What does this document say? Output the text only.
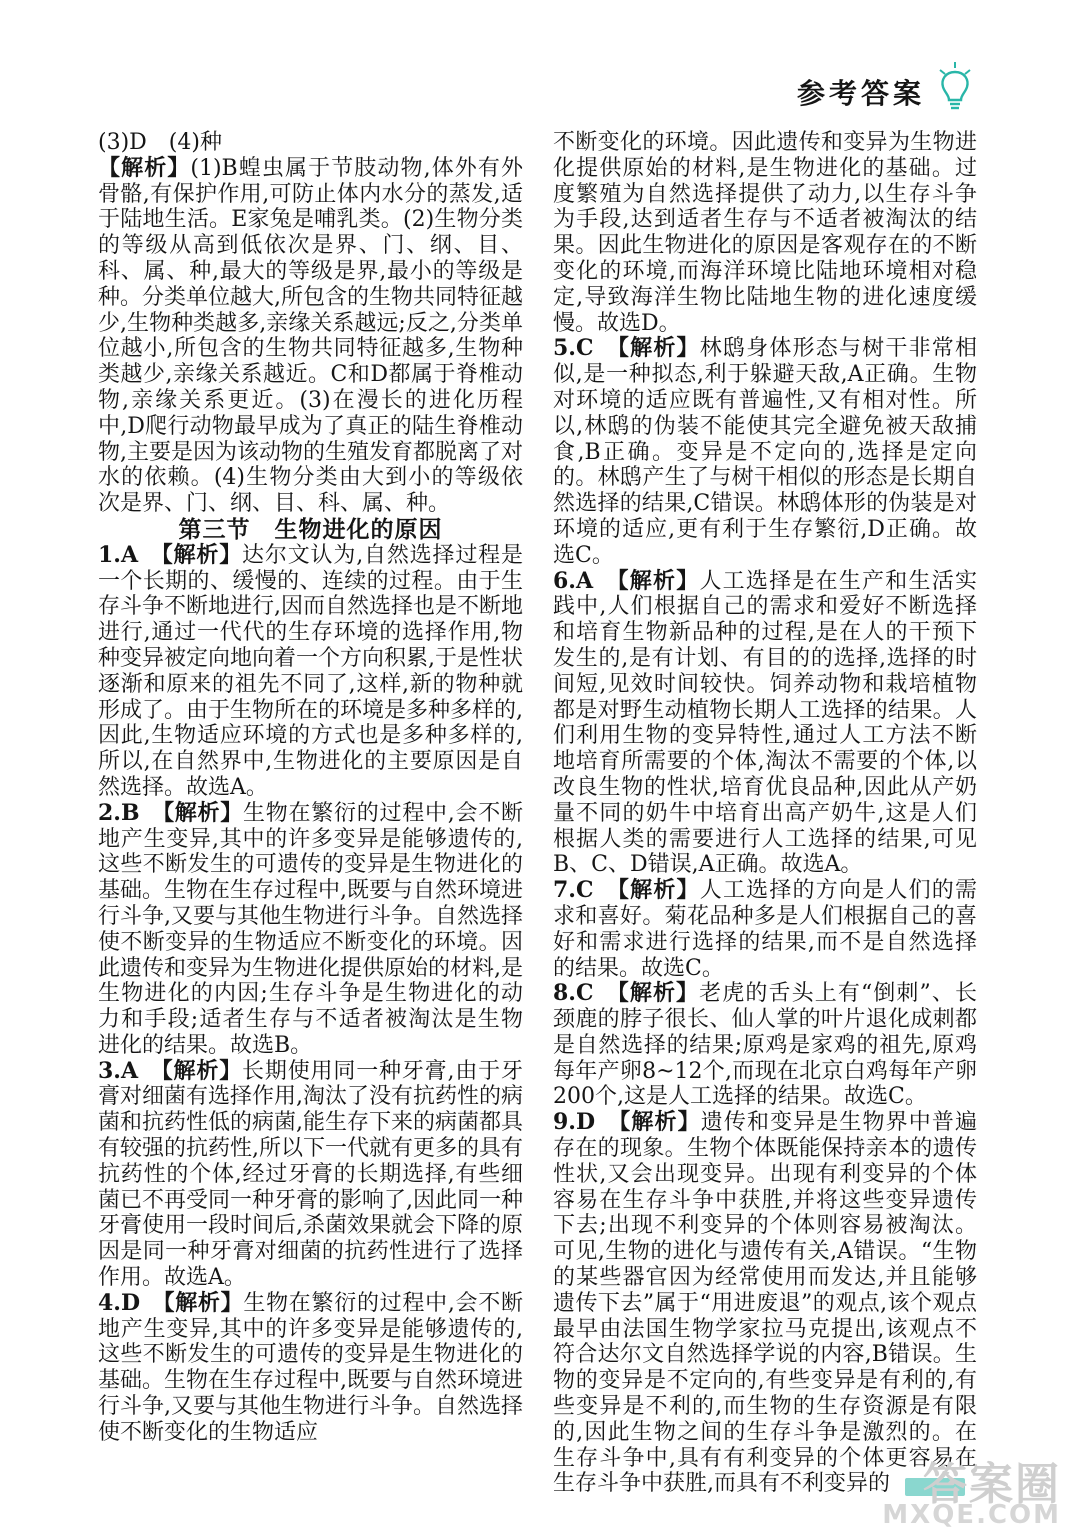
参考答案

(3)D　(4)种

【解析】(1)B蝗虫属于节肢动物,体外有外骨骼,有保护作用,可防止体内水分的蒸发,适于陆地生活。E家兔是哺乳类。(2)生物分类的等级从高到低依次是界、门、纲、目、科、属、种,最大的等级是界,最小的等级是种。分类单位越大,所包含的生物共同特征越少,生物种类越多,亲缘关系越远;反之,分类单位越小,所包含的生物共同特征越多,生物种类越少,亲缘关系越近。C和D都属于脊椎动物,亲缘关系更近。(3)在漫长的进化历程中,D爬行动物最早成为了真正的陆生脊椎动物,主要是因为该动物的生殖发育都脱离了对水的依赖。(4)生物分类由大到小的等级依次是界、门、纲、目、科、属、种。

第三节　生物进化的原因

1.A　 【解析】达尔文认为,自然选择过程是一个长期的、缓慢的、连续的过程。由于生存斗争不断地进行,因而自然选择也是不断地进行,通过一代代的生存环境的选择作用,物种变异被定向地向着一个方向积累,于是性状逐渐和原来的祖先不同了,这样,新的物种就形成了。由于生物所在的环境是多种多样的,因此,生物适应环境的方式也是多种多样的,所以,在自然界中,生物进化的主要原因是自然选择。故选A。

2.B　 【解析】生物在繁衍的过程中,会不断地产生变异,其中的许多变异是能够遗传的,这些不断发生的可遗传的变异是生物进化的基础。生物在生存过程中,既要与自然环境进行斗争,又要与其他生物进行斗争。自然选择使不断变异的生物适应不断变化的环境。因此遗传和变异为生物进化提供原始的材料,是生物进化的内因;生存斗争是生物进化的动力和手段;适者生存与不适者被淘汰是生物进化的结果。故选B。

3.A　 【解析】长期使用同一种牙膏,由于牙膏对细菌有选择作用,淘汰了没有抗药性的病菌和抗药性低的病菌,能生存下来的病菌都具有较强的抗药性,所以下一代就有更多的具有抗药性的个体,经过牙膏的长期选择,有些细菌已不再受同一种牙膏的影响了,因此同一种牙膏使用一段时间后,杀菌效果就会下降的原因是同一种牙膏对细菌的抗药性进行了选择作用。故选A。

4.D　 【解析】生物在繁衍的过程中,会不断地产生变异,其中的许多变异是能够遗传的,这些不断发生的可遗传的变异是生物进化的基础。生物在生存过程中,既要与自然环境进行斗争,又要与其他生物进行斗争。自然选择使不断变化的生物适应

不断变化的环境。因此遗传和变异为生物进化提供原始的材料,是生物进化的基础。过度繁殖为自然选择提供了动力,以生存斗争为手段,达到适者生存与不适者被淘汰的结果。因此生物进化的原因是客观存在的不断变化的环境,而海洋环境比陆地环境相对稳定,导致海洋生物比陆地生物的进化速度缓慢。故选D。

5.C　 【解析】林鸱身体形态与树干非常相似,是一种拟态,利于躲避天敌,A正确。生物对环境的适应既有普遍性,又有相对性。所以,林鸱的伪装不能使其完全避免被天敌捕食,B正确。变异是不定向的,选择是定向的。林鸱产生了与树干相似的形态是长期自然选择的结果,C错误。林鸱体形的伪装是对环境的适应,更有利于生存繁衍,D正确。故选C。

6.A　 【解析】人工选择是在生产和生活实践中,人们根据自己的需求和爱好不断选择和培育生物新品种的过程,是在人的干预下发生的,是有计划、有目的的选择,选择的时间短,见效时间较快。饲养动物和栽培植物都是对野生动植物长期人工选择的结果。人们利用生物的变异特性,通过人工方法不断地培育所需要的个体,淘汰不需要的个体,以改良生物的性状,培育优良品种,因此从产奶量不同的奶牛中培育出高产奶牛,这是人们根据人类的需要进行人工选择的结果,可见B、C、D错误,A正确。故选A。

7.C　 【解析】人工选择的方向是人们的需求和喜好。菊花品种多是人们根据自己的喜好和需求进行选择的结果,而不是自然选择的结果。故选C。

8.C　 【解析】老虎的舌头上有“倒刺”、长颈鹿的脖子很长、仙人掌的叶片退化成刺都是自然选择的结果;原鸡是家鸡的祖先,原鸡每年产卵8~12个,而现在北京白鸡每年产卵200个,这是人工选择的结果。故选C。

9.D　 【解析】遗传和变异是生物界中普遍存在的现象。生物个体既能保持亲本的遗传性状,又会出现变异。出现有利变异的个体容易在生存斗争中获胜,并将这些变异遗传下去;出现不利变异的个体则容易被淘汰。可见,生物的进化与遗传有关,A错误。“生物的某些器官因为经常使用而发达,并且能够遗传下去”属于“用进废退”的观点,该个观点最早由法国生物学家拉马克提出,该观点不符合达尔文自然选择学说的内容,B错误。生物的变异是不定向的,有些变异是有利的,有些变异是不利的,而生物的生存资源是有限的,因此生物之间的生存斗争是激烈的。在生存斗争中,具有有利变异的个体更容易在生存斗争中获胜,而具有不利变异的 答案圈
MXQE.COM
